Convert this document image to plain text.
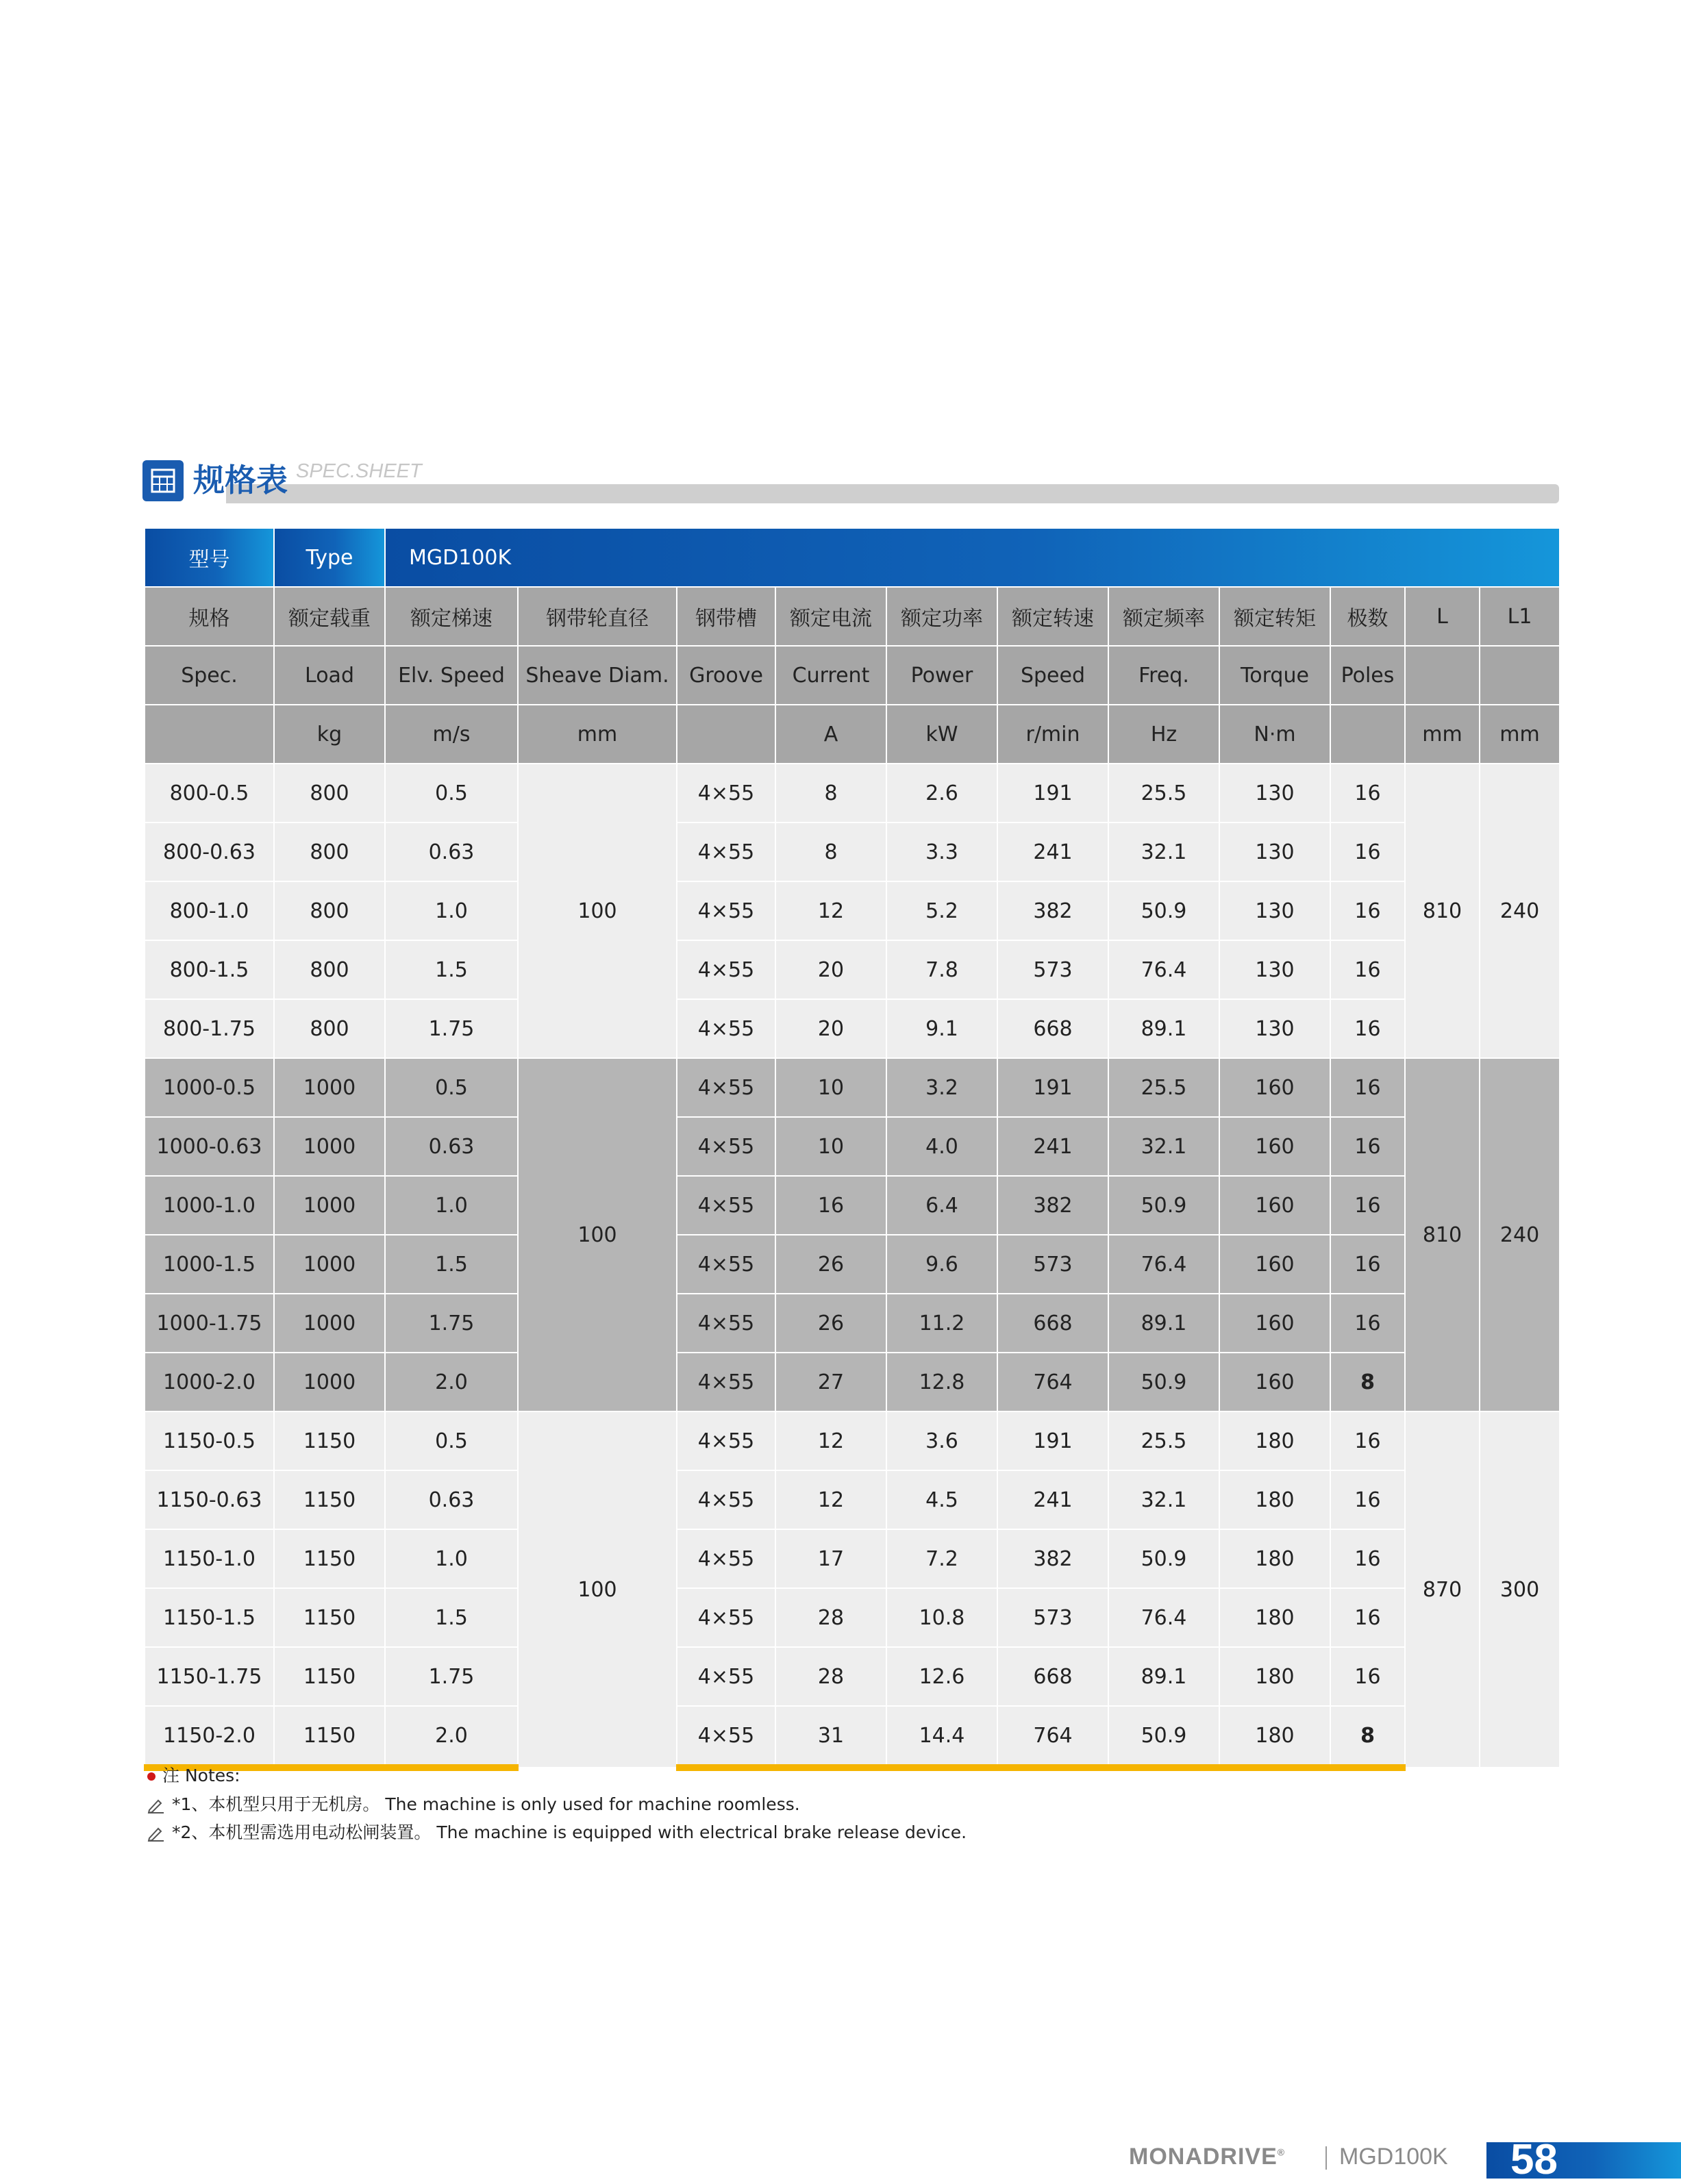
规格表 SPEC.SHEET
型号	Type	MGD100K										
规格	额定载重	额定梯速	钢带轮直径	钢带槽	额定电流	额定功率	额定转速	额定频率	额定转矩	极数	L	L1
Spec.	Load	Elv. Speed	Sheave Diam.	Groove	Current	Power	Speed	Freq.	Torque	Poles		
	kg	m/s	mm		A	kW	r/min	Hz	N·m		mm	mm
800-0.5	800	0.5	100	4×55	8	2.6	191	25.5	130	16	810	240
800-0.63	800	0.63		4×55	8	3.3	241	32.1	130	16		
800-1.0	800	1.0		4×55	12	5.2	382	50.9	130	16		
800-1.5	800	1.5		4×55	20	7.8	573	76.4	130	16		
800-1.75	800	1.75		4×55	20	9.1	668	89.1	130	16		
1000-0.5	1000	0.5	100	4×55	10	3.2	191	25.5	160	16	810	240
1000-0.63	1000	0.63		4×55	10	4.0	241	32.1	160	16		
1000-1.0	1000	1.0		4×55	16	6.4	382	50.9	160	16		
1000-1.5	1000	1.5		4×55	26	9.6	573	76.4	160	16		
1000-1.75	1000	1.75		4×55	26	11.2	668	89.1	160	16		
1000-2.0	1000	2.0		4×55	27	12.8	764	50.9	160	8		
1150-0.5	1150	0.5	100	4×55	12	3.6	191	25.5	180	16	870	300
1150-0.63	1150	0.63		4×55	12	4.5	241	32.1	180	16		
1150-1.0	1150	1.0		4×55	17	7.2	382	50.9	180	16		
1150-1.5	1150	1.5		4×55	28	10.8	573	76.4	180	16		
1150-1.75	1150	1.75		4×55	28	12.6	668	89.1	180	16		
1150-2.0	1150	2.0		4×55	31	14.4	764	50.9	180	8		
注 Notes:
*1、本机型只用于无机房。 The machine is only used for machine roomless.
*2、本机型需选用电动松闸装置。 The machine is equipped with electrical brake release device.
MONADRIVE® MGD100K 58
